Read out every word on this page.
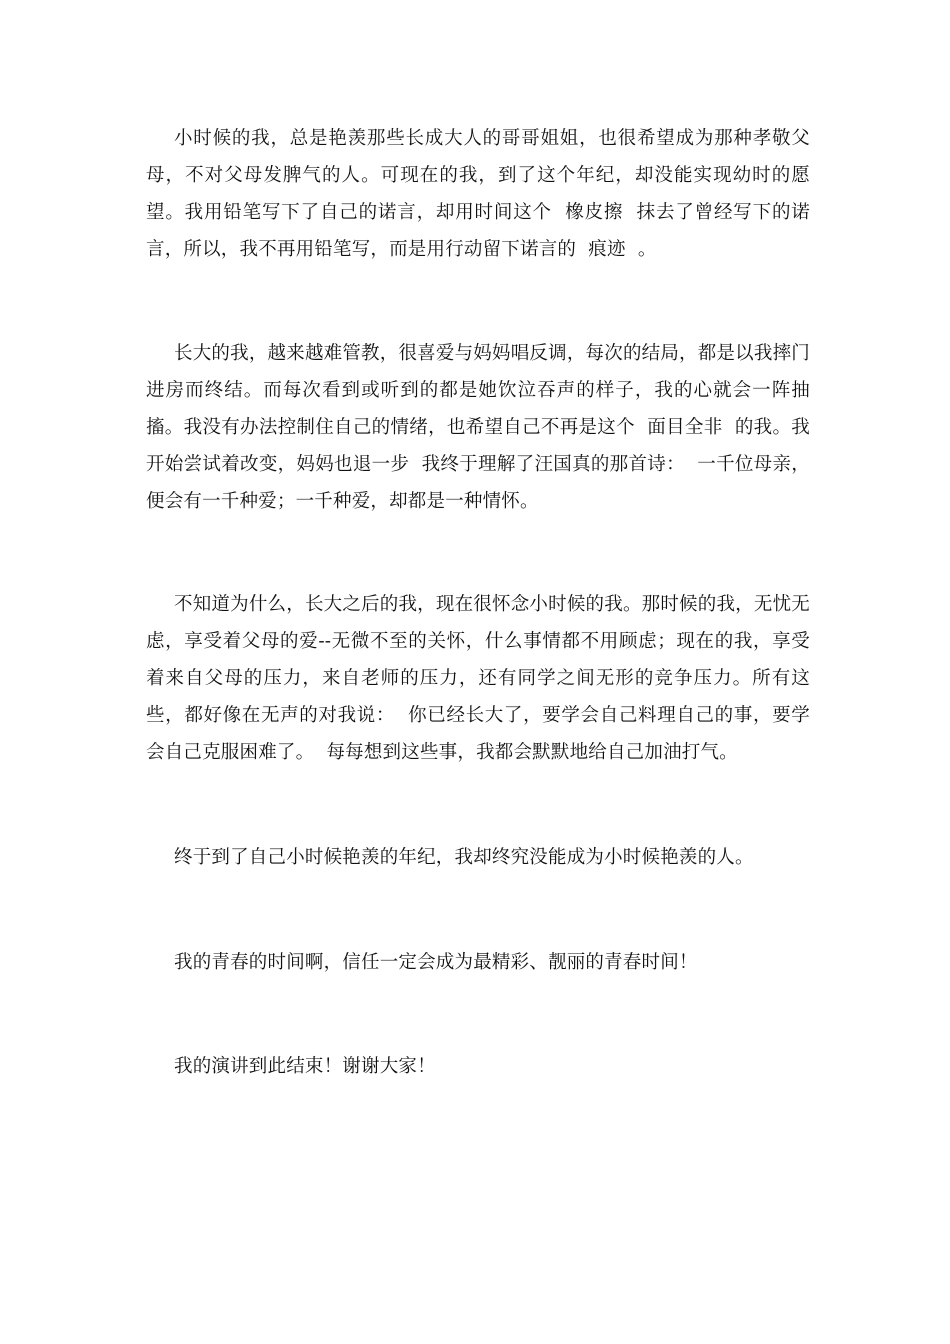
小时候的我，总是艳羡那些长成大人的哥哥姐姐，也很希望成为那种孝敬父母，不对父母发脾气的人。可现在的我，到了这个年纪，却没能实现幼时的愿望。我用铅笔写下了自己的诺言，却用时间这个  橡皮擦  抹去了曾经写下的诺言，所以，我不再用铅笔写，而是用行动留下诺言的  痕迹  。

长大的我，越来越难管教，很喜爱与妈妈唱反调，每次的结局，都是以我摔门进房而终结。而每次看到或听到的都是她饮泣吞声的样子，我的心就会一阵抽搐。我没有办法控制住自己的情绪，也希望自己不再是这个  面目全非  的我。我开始尝试着改变，妈妈也退一步  我终于理解了汪国真的那首诗：  一千位母亲，便会有一千种爱；一千种爱，却都是一种情怀。

不知道为什么，长大之后的我，现在很怀念小时候的我。那时候的我，无忧无虑，享受着父母的爱--无微不至的关怀，什么事情都不用顾虑；现在的我，享受着来自父母的压力，来自老师的压力，还有同学之间无形的竞争压力。所有这些，都好像在无声的对我说：  你已经长大了，要学会自己料理自己的事，要学会自己克服困难了。  每每想到这些事，我都会默默地给自己加油打气。

终于到了自己小时候艳羡的年纪，我却终究没能成为小时候艳羡的人。

我的青春的时间啊，信任一定会成为最精彩、靓丽的青春时间！

我的演讲到此结束！谢谢大家！
